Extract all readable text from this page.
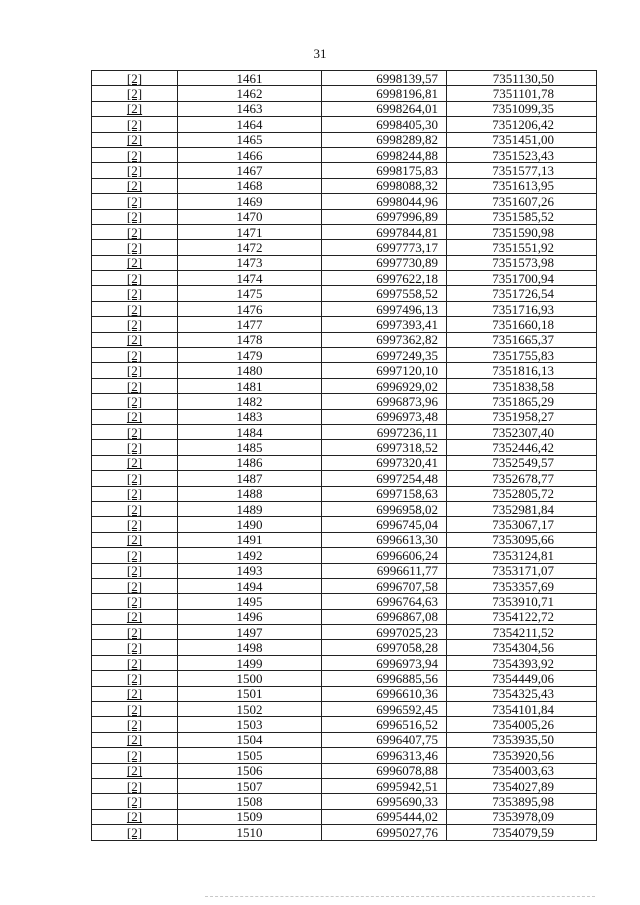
31
[2]	1461	6998139,57	7351130,50
[2]	1462	6998196,81	7351101,78
[2]	1463	6998264,01	7351099,35
[2]	1464	6998405,30	7351206,42
[2]	1465	6998289,82	7351451,00
[2]	1466	6998244,88	7351523,43
[2]	1467	6998175,83	7351577,13
[2]	1468	6998088,32	7351613,95
[2]	1469	6998044,96	7351607,26
[2]	1470	6997996,89	7351585,52
[2]	1471	6997844,81	7351590,98
[2]	1472	6997773,17	7351551,92
[2]	1473	6997730,89	7351573,98
[2]	1474	6997622,18	7351700,94
[2]	1475	6997558,52	7351726,54
[2]	1476	6997496,13	7351716,93
[2]	1477	6997393,41	7351660,18
[2]	1478	6997362,82	7351665,37
[2]	1479	6997249,35	7351755,83
[2]	1480	6997120,10	7351816,13
[2]	1481	6996929,02	7351838,58
[2]	1482	6996873,96	7351865,29
[2]	1483	6996973,48	7351958,27
[2]	1484	6997236,11	7352307,40
[2]	1485	6997318,52	7352446,42
[2]	1486	6997320,41	7352549,57
[2]	1487	6997254,48	7352678,77
[2]	1488	6997158,63	7352805,72
[2]	1489	6996958,02	7352981,84
[2]	1490	6996745,04	7353067,17
[2]	1491	6996613,30	7353095,66
[2]	1492	6996606,24	7353124,81
[2]	1493	6996611,77	7353171,07
[2]	1494	6996707,58	7353357,69
[2]	1495	6996764,63	7353910,71
[2]	1496	6996867,08	7354122,72
[2]	1497	6997025,23	7354211,52
[2]	1498	6997058,28	7354304,56
[2]	1499	6996973,94	7354393,92
[2]	1500	6996885,56	7354449,06
[2]	1501	6996610,36	7354325,43
[2]	1502	6996592,45	7354101,84
[2]	1503	6996516,52	7354005,26
[2]	1504	6996407,75	7353935,50
[2]	1505	6996313,46	7353920,56
[2]	1506	6996078,88	7354003,63
[2]	1507	6995942,51	7354027,89
[2]	1508	6995690,33	7353895,98
[2]	1509	6995444,02	7353978,09
[2]	1510	6995027,76	7354079,59
